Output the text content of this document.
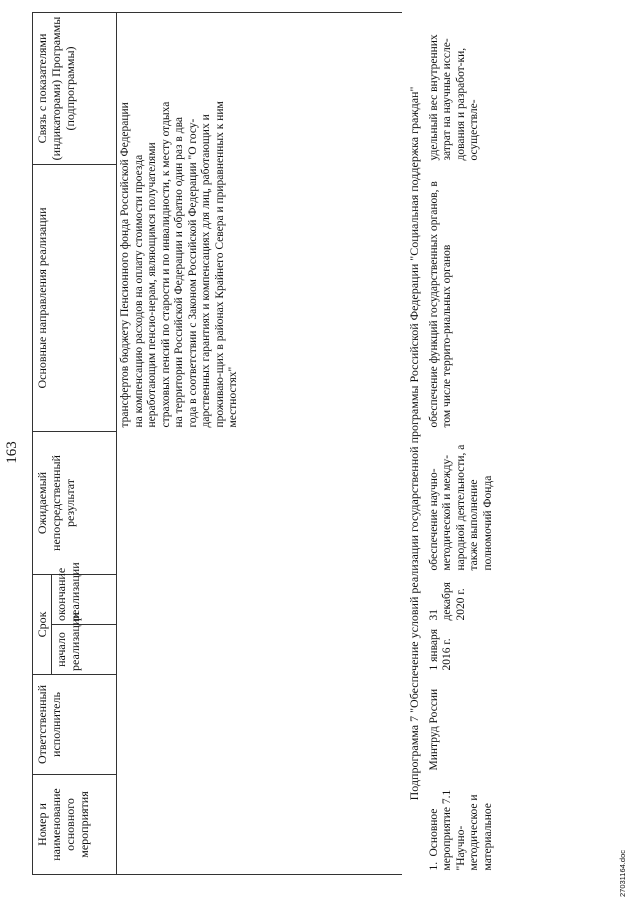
163
Номер и наименование основного мероприятия	Ответственный исполнитель	Срок		Ожидаемый непосредственный результат	Основные направления реализации	Связь с показателями (индикаторами) Программы (подпрограммы)	
		начало реализации	окончание реализации				
					трансфертов бюджету Пенсионного фонда Российской Федерации на компенсацию расходов на оплату стоимости проезда неработающим пенсио-нерам, являющимся получателями страховых пенсий по старости и по инвалидности, к месту отдыха на территории Российской Федерации и обратно один раз в два года в соответствии с Законом Российской Федерации "О госу-дарственных гарантиях и компенсациях для лиц, работающих и проживаю-щих в районах Крайнего Севера и приравненных к ним местностях"		
Подпрограмма 7 "Обеспечение условий реализации государственной программы Российской Федерации "Социальная поддержка граждан"							
1.Основное мероприятие 7.1 "Научно-методическое и материальное	Минтруд России	1 января 2016 г.	31 декабря 2020 г.	обеспечение научно-методической и между-народной деятельности, а также выполнение полномочий Фонда	обеспечение функций государственных органов, в том числе террито-риальных органов	удельный вес внутренних затрат на научные иссле-дования и разработ-ки, осуществле-	
27031164.doc
